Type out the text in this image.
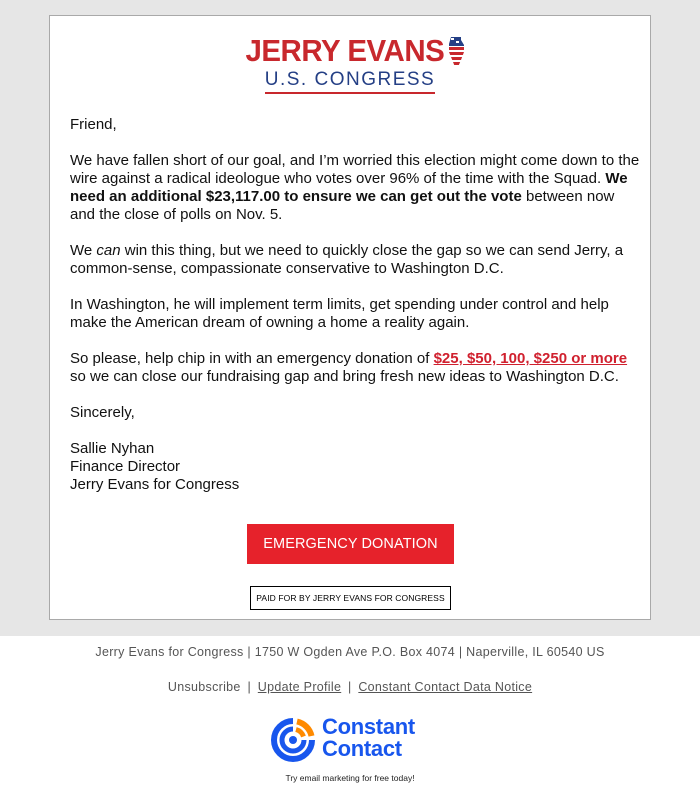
JERRY EVANS
U.S. CONGRESS

Friend,

We have fallen short of our goal, and I’m worried this election might come down to the wire against a radical ideologue who votes over 96% of the time with the Squad. We need an additional $23,117.00 to ensure we can get out the vote between now and the close of polls on Nov. 5.

We can win this thing, but we need to quickly close the gap so we can send Jerry, a common-sense, compassionate conservative to Washington D.C.

In Washington, he will implement term limits, get spending under control and help make the American dream of owning a home a reality again.

So please, help chip in with an emergency donation of $25, $50, 100, $250 or more so we can close our fundraising gap and bring fresh new ideas to Washington D.C.

Sincerely,

Sallie Nyhan
Finance Director
Jerry Evans for Congress

EMERGENCY DONATION
PAID FOR BY JERRY EVANS FOR CONGRESS
Jerry Evans for Congress | 1750 W Ogden Ave P.O. Box 4074 | Naperville, IL 60540 US
Unsubscribe | Update Profile | Constant Contact Data Notice
Constant
Contact
Try email marketing for free today!
